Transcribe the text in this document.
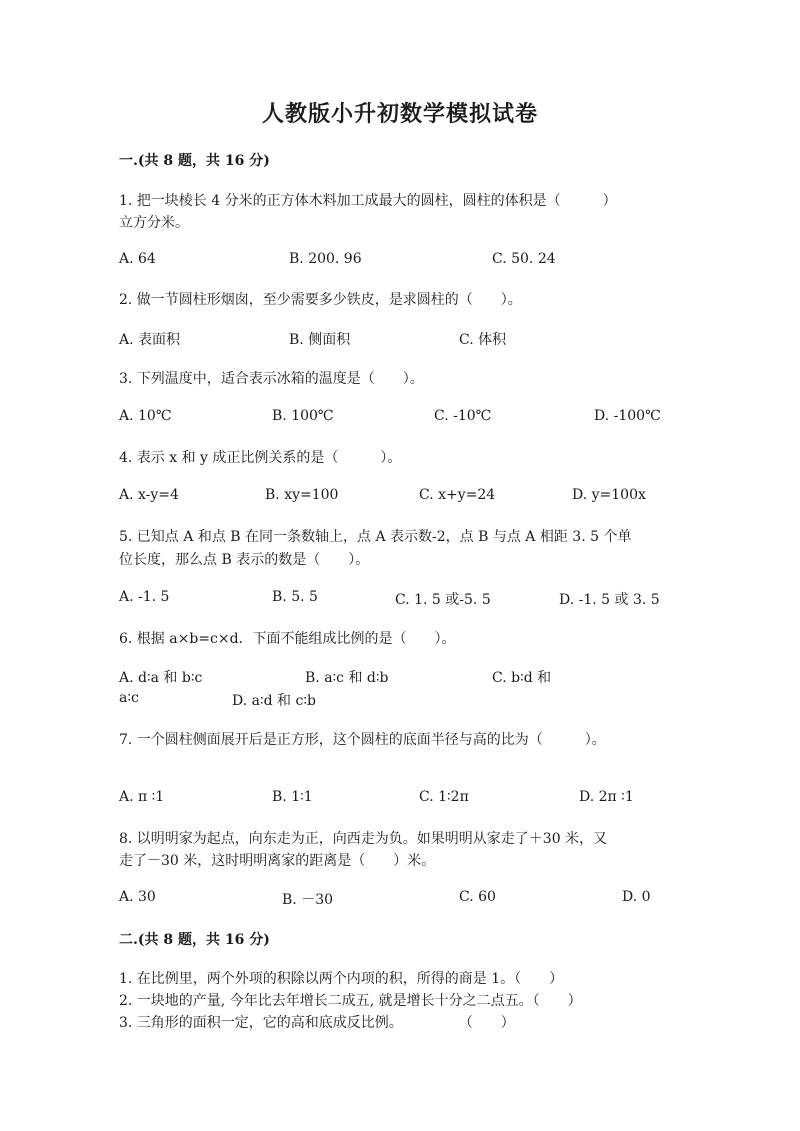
人教版小升初数学模拟试卷
一.(共 8 题，共 16 分)
1. 把一块棱长 4 分米的正方体木料加工成最大的圆柱，圆柱的体积是（　　　）
立方分米。
A. 64	B. 200. 96	C. 50. 24
2. 做一节圆柱形烟囱，至少需要多少铁皮，是求圆柱的（　　）。
A. 表面积	B. 侧面积	C. 体积
3. 下列温度中，适合表示冰箱的温度是（　　）。
A. 10℃	B. 100℃	C. -10℃	D. -100℃
4. 表示 x 和 y 成正比例关系的是（　　　）。
A. x-y=4	B. xy=100	C. x+y=24	D. y=100x
5. 已知点 A 和点 B 在同一条数轴上，点 A 表示数-2，点 B 与点 A 相距 3. 5 个单
位长度，那么点 B 表示的数是（　　）。
A. -1. 5	B. 5. 5	C. 1. 5 或-5. 5	D. -1. 5 或 3. 5
6. 根据 a×b=c×d．下面不能组成比例的是（　　）。
A. d∶a 和 b∶c	B. a∶c 和 d∶b	C. b∶d 和
a∶c	D. a∶d 和 c∶b
7. 一个圆柱侧面展开后是正方形，这个圆柱的底面半径与高的比为（　　　）。
A. π ∶1	B. 1∶1	C. 1∶2π	D. 2π ∶1
8. 以明明家为起点，向东走为正，向西走为负。如果明明从家走了＋30 米，又
走了－30 米，这时明明离家的距离是（　　）米。
A. 30	B. －30	C. 60	D. 0
二.(共 8 题，共 16 分)
1. 在比例里，两个外项的积除以两个内项的积，所得的商是 1。（　　）
2. 一块地的产量, 今年比去年增长二成五, 就是增长十分之二点五。（　　）
3. 三角形的面积一定，它的高和底成反比例。　　　　　（　　）
